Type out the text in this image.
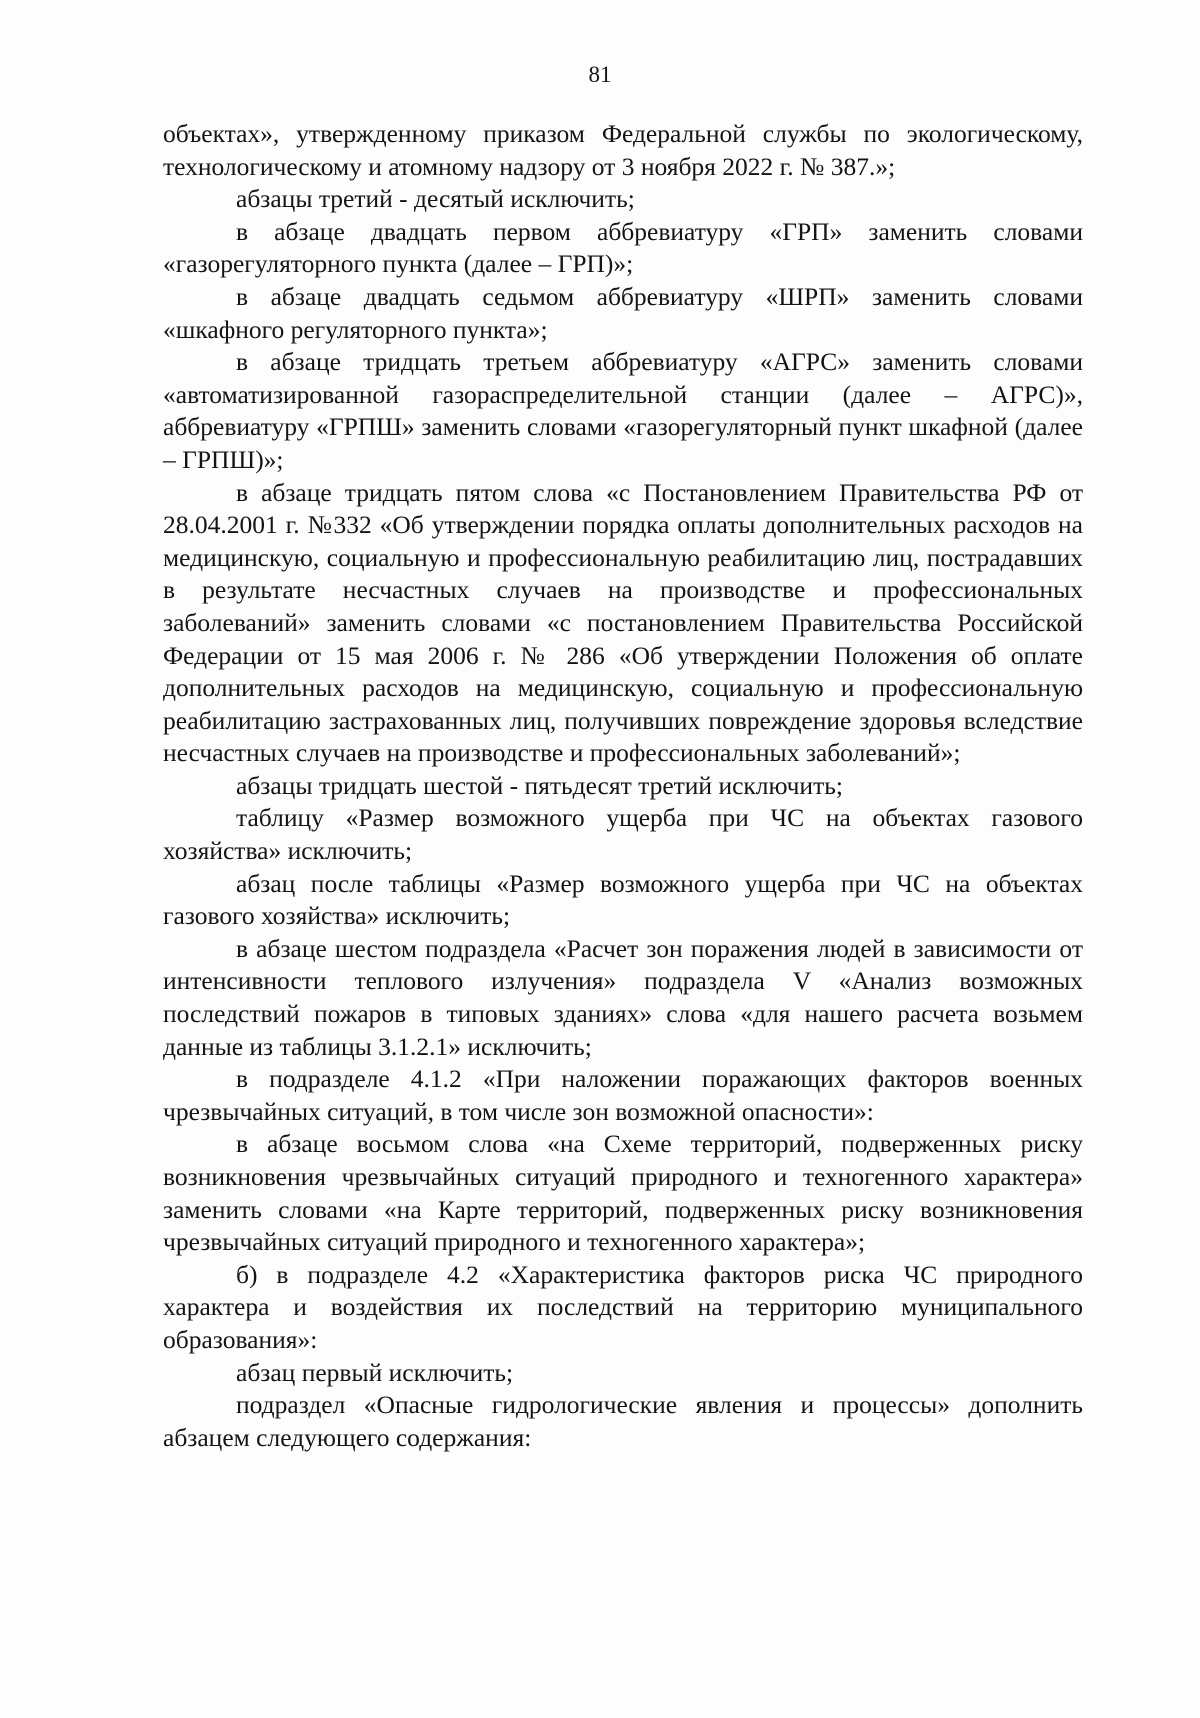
81

объектах», утвержденному приказом Федеральной службы по экологическому, технологическому и атомному надзору от 3 ноября 2022 г. № 387.»;

абзацы третий - десятый исключить;

в абзаце двадцать первом аббревиатуру «ГРП» заменить словами «газорегуляторного пункта (далее – ГРП)»;

в абзаце двадцать седьмом аббревиатуру «ШРП» заменить словами «шкафного регуляторного пункта»;

в абзаце тридцать третьем аббревиатуру «АГРС» заменить словами «автоматизированной газораспределительной станции (далее – АГРС)», аббревиатуру «ГРПШ» заменить словами «газорегуляторный пункт шкафной (далее – ГРПШ)»;

в абзаце тридцать пятом слова «с Постановлением Правительства РФ от 28.04.2001 г. №332 «Об утверждении порядка оплаты дополнительных расходов на медицинскую, социальную и профессиональную реабилитацию лиц, пострадавших в результате несчастных случаев на производстве и профессиональных заболеваний» заменить словами «с постановлением Правительства Российской Федерации от 15 мая 2006 г. № 286 «Об утверждении Положения об оплате дополнительных расходов на медицинскую, социальную и профессиональную реабилитацию застрахованных лиц, получивших повреждение здоровья вследствие несчастных случаев на производстве и профессиональных заболеваний»;

абзацы тридцать шестой - пятьдесят третий исключить;

таблицу «Размер возможного ущерба при ЧС на объектах газового хозяйства» исключить;

абзац после таблицы «Размер возможного ущерба при ЧС на объектах газового хозяйства» исключить;

в абзаце шестом подраздела «Расчет зон поражения людей в зависимости от интенсивности теплового излучения» подраздела V «Анализ возможных последствий пожаров в типовых зданиях» слова «для нашего расчета возьмем данные из таблицы 3.1.2.1» исключить;

в подразделе 4.1.2 «При наложении поражающих факторов военных чрезвычайных ситуаций, в том числе зон возможной опасности»:

в абзаце восьмом слова «на Схеме территорий, подверженных риску возникновения чрезвычайных ситуаций природного и техногенного характера» заменить словами «на Карте территорий, подверженных риску возникновения чрезвычайных ситуаций природного и техногенного характера»;

б) в подразделе 4.2 «Характеристика факторов риска ЧС природного характера и воздействия их последствий на территорию муниципального образования»:

абзац первый исключить;

подраздел «Опасные гидрологические явления и процессы» дополнить абзацем следующего содержания:
